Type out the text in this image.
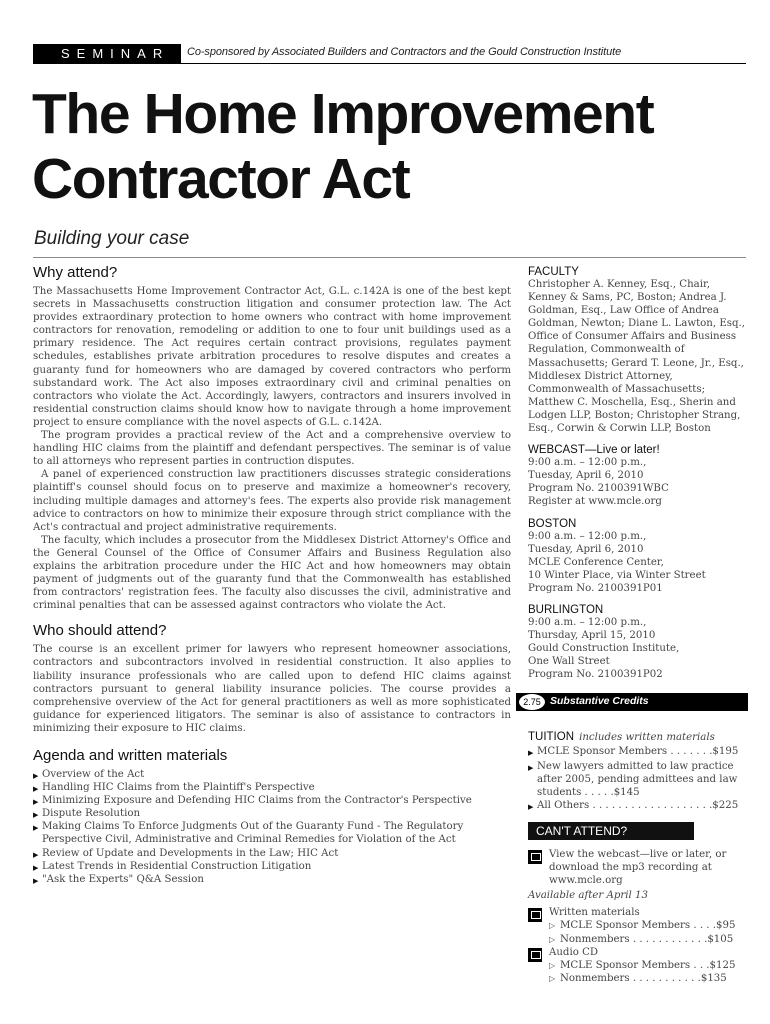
SEMINAR	Co-sponsored by Associated Builders and Contractors and the Gould Construction Institute
The Home Improvement
Contractor Act
Building your case
Why attend?

The Massachusetts Home Improvement Contractor Act, G.L. c.142A is one of the best kept secrets in Massachusetts construction litigation and consumer protection law. The Act provides extraordinary protection to home owners who contract with home improvement contractors for renovation, remodeling or addition to one to four unit buildings used as a primary residence. The Act requires certain contract provisions, regulates payment schedules, establishes private arbitration procedures to resolve disputes and creates a guaranty fund for homeowners who are damaged by covered contractors who perform substandard work. The Act also imposes extraordinary civil and criminal penalties on contractors who violate the Act. Accordingly, lawyers, contractors and insurers involved in residential construction claims should know how to navigate through a home improvement project to ensure compliance with the novel aspects of G.L. c.142A.

The program provides a practical review of the Act and a comprehensive overview to handling HIC claims from the plaintiff and defendant perspectives. The seminar is of value to all attorneys who represent parties in contruction disputes.

A panel of experienced construction law practitioners discusses strategic considerations plaintiff's counsel should focus on to preserve and maximize a homeowner's recovery, including multiple damages and attorney's fees. The experts also provide risk management advice to contractors on how to minimize their exposure through strict compliance with the Act's contractual and project administrative requirements.

The faculty, which includes a prosecutor from the Middlesex District Attorney's Office and the General Counsel of the Office of Consumer Affairs and Business Regulation also explains the arbitration procedure under the HIC Act and how homeowners may obtain payment of judgments out of the guaranty fund that the Commonwealth has established from contractors' registration fees. The faculty also discusses the civil, administrative and criminal penalties that can be assessed against contractors who violate the Act.

Who should attend?

The course is an excellent primer for lawyers who represent homeowner associations, contractors and subcontractors involved in residential construction. It also applies to liability insurance professionals who are called upon to defend HIC claims against contractors pursuant to general liability insurance policies. The course provides a comprehensive overview of the Act for general practitioners as well as more sophisticated guidance for experienced litigators. The seminar is also of assistance to contractors in minimizing their exposure to HIC claims.

Agenda and written materials
▶ Overview of the Act
▶ Handling HIC Claims from the Plaintiff's Perspective
▶ Minimizing Exposure and Defending HIC Claims from the Contractor's Perspective
▶ Dispute Resolution
▶ Making Claims To Enforce Judgments Out of the Guaranty Fund - The Regulatory Perspective Civil, Administrative and Criminal Remedies for Violation of the Act
▶ Review of Update and Developments in the Law; HIC Act
▶ Latest Trends in Residential Construction Litigation
▶ "Ask the Experts" Q&A Session
FACULTY

Christopher A. Kenney, Esq., Chair, Kenney & Sams, PC, Boston; Andrea J. Goldman, Esq., Law Office of Andrea Goldman, Newton; Diane L. Lawton, Esq., Office of Consumer Affairs and Business Regulation, Commonwealth of Massachusetts; Gerard T. Leone, Jr., Esq., Middlesex District Attorney, Commonwealth of Massachusetts; Matthew C. Moschella, Esq., Sherin and Lodgen LLP, Boston; Christopher Strang, Esq., Corwin & Corwin LLP, Boston

WEBCAST—Live or later!

9:00 a.m. – 12:00 p.m.,

Tuesday, April 6, 2010

Program No. 2100391WBC

Register at www.mcle.org

BOSTON

9:00 a.m. – 12:00 p.m.,

Tuesday, April 6, 2010

MCLE Conference Center,

10 Winter Place, via Winter Street

Program No. 2100391P01

BURLINGTON

9:00 a.m. – 12:00 p.m.,

Thursday, April 15, 2010

Gould Construction Institute,

One Wall Street

Program No. 2100391P02

2.75 Substantive Credits
TUITION includes written materials
▶ MCLE Sponsor Members . . . . . . .$195
▶ New lawyers admitted to law practice after 2005, pending admittees and law students . . . . .$145
▶ All Others . . . . . . . . . . . . . . . . . . .$225
CAN'T ATTEND?

View the webcast—live or later, or download the mp3 recording at www.mcle.org

Available after April 13

Written materials

▷ MCLE Sponsor Members . . . .$95
▷ Nonmembers . . . . . . . . . . . .$105

Audio CD

▷ MCLE Sponsor Members . . .$125
▷ Nonmembers . . . . . . . . . . .$135
